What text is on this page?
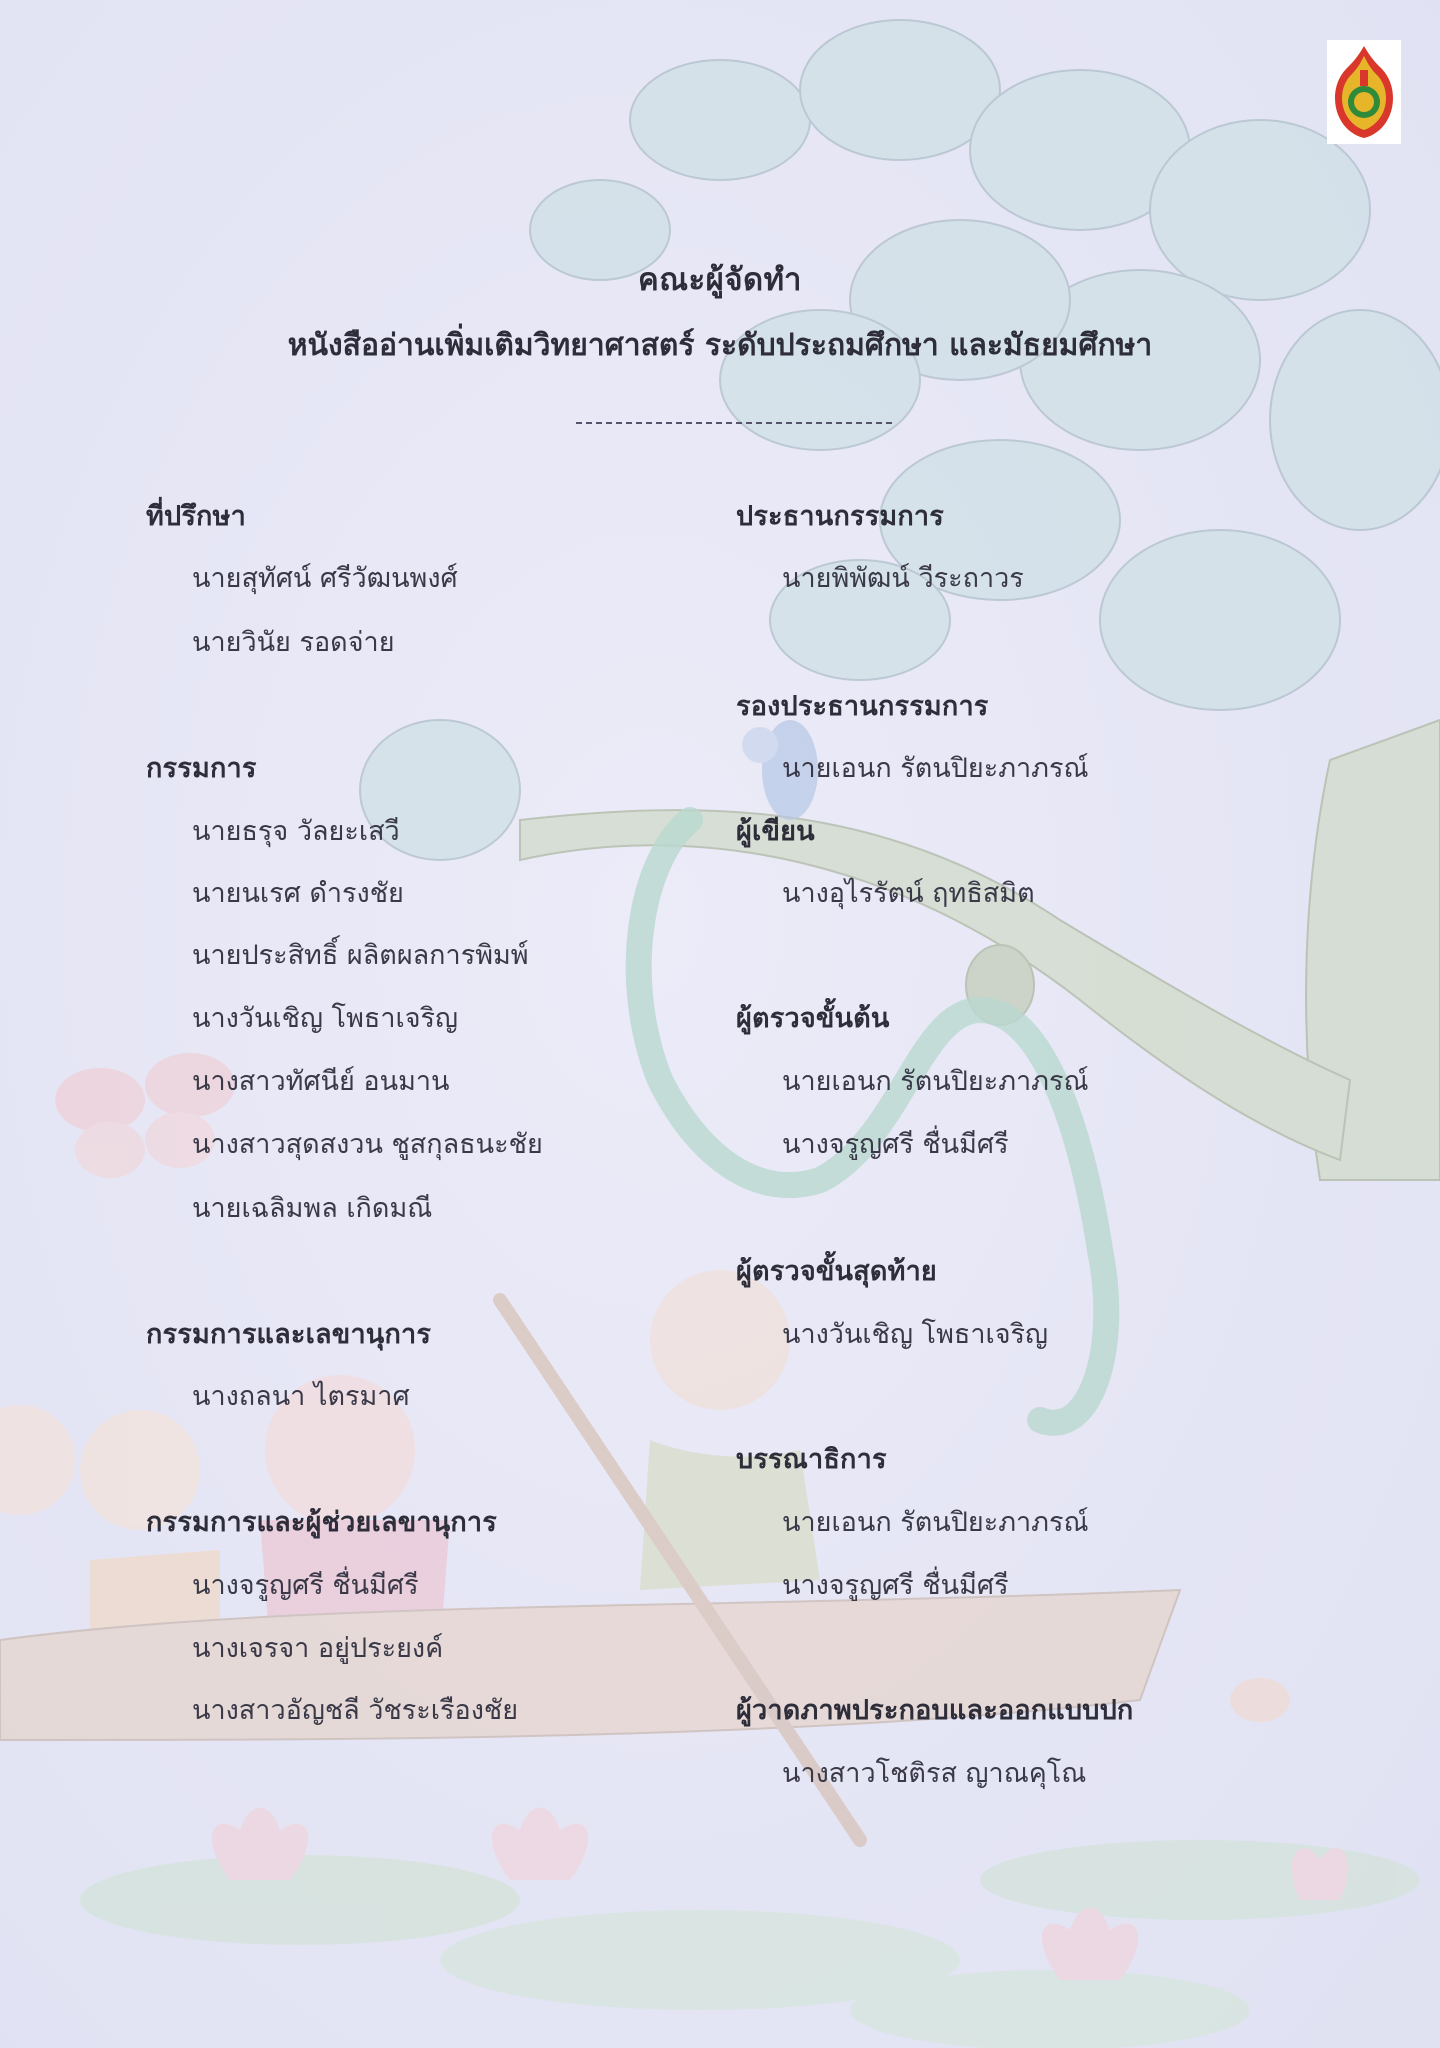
คณะผู้จัดทำ
หนังสืออ่านเพิ่มเติมวิทยาศาสตร์ ระดับประถมศึกษา และมัธยมศึกษา
ที่ปรึกษา
นายสุทัศน์ ศรีวัฒนพงศ์
นายวินัย รอดจ่าย
กรรมการ
นายธรุจ วัลยะเสวี
นายนเรศ ดำรงชัย
นายประสิทธิ์ ผลิตผลการพิมพ์
นางวันเชิญ โพธาเจริญ
นางสาวทัศนีย์ อนมาน
นางสาวสุดสงวน ชูสกุลธนะชัย
นายเฉลิมพล เกิดมณี
กรรมการและเลขานุการ
นางถลนา ไตรมาศ
กรรมการและผู้ช่วยเลขานุการ
นางจรูญศรี ชื่นมีศรี
นางเจรจา อยู่ประยงค์
นางสาวอัญชลี วัชระเรืองชัย
ประธานกรรมการ
นายพิพัฒน์ วีระถาวร
รองประธานกรรมการ
นายเอนก รัตนปิยะภาภรณ์
ผู้เขียน
นางอุไรรัตน์ ฤทธิสมิต
ผู้ตรวจขั้นต้น
นายเอนก รัตนปิยะภาภรณ์
นางจรูญศรี ชื่นมีศรี
ผู้ตรวจขั้นสุดท้าย
นางวันเชิญ โพธาเจริญ
บรรณาธิการ
นายเอนก รัตนปิยะภาภรณ์
นางจรูญศรี ชื่นมีศรี
ผู้วาดภาพประกอบและออกแบบปก
นางสาวโชติรส ญาณคุโณ
